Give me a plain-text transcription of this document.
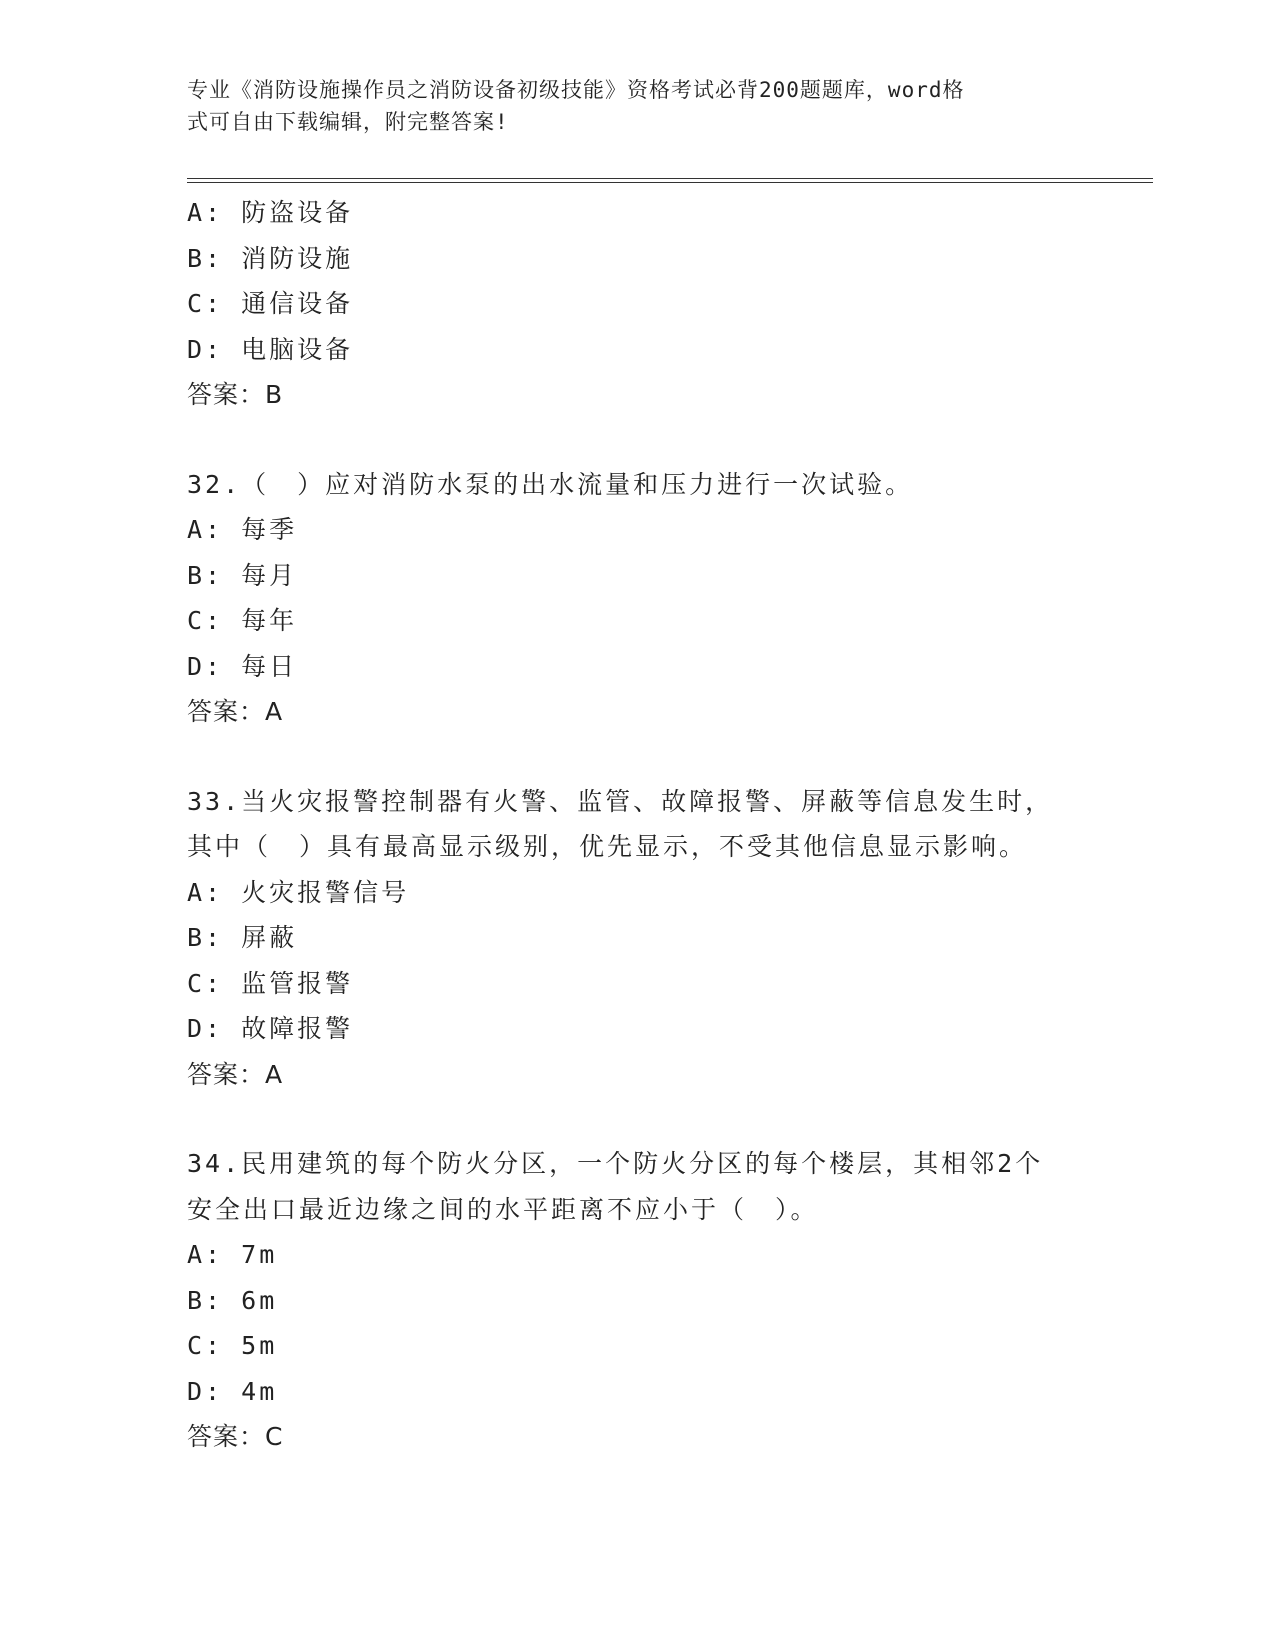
专业《消防设施操作员之消防设备初级技能》资格考试必背200题题库，word格
式可自由下载编辑，附完整答案!
A: 防盗设备
B: 消防设施
C: 通信设备
D: 电脑设备
答案：B
32.（　）应对消防水泵的出水流量和压力进行一次试验。
A: 每季
B: 每月
C: 每年
D: 每日
答案：A
33.当火灾报警控制器有火警、监管、故障报警、屏蔽等信息发生时，
其中（　）具有最高显示级别，优先显示，不受其他信息显示影响。
A: 火灾报警信号
B: 屏蔽
C: 监管报警
D: 故障报警
答案：A
34.民用建筑的每个防火分区，一个防火分区的每个楼层，其相邻2个
安全出口最近边缘之间的水平距离不应小于（　）。
A: 7m
B: 6m
C: 5m
D: 4m
答案：C
